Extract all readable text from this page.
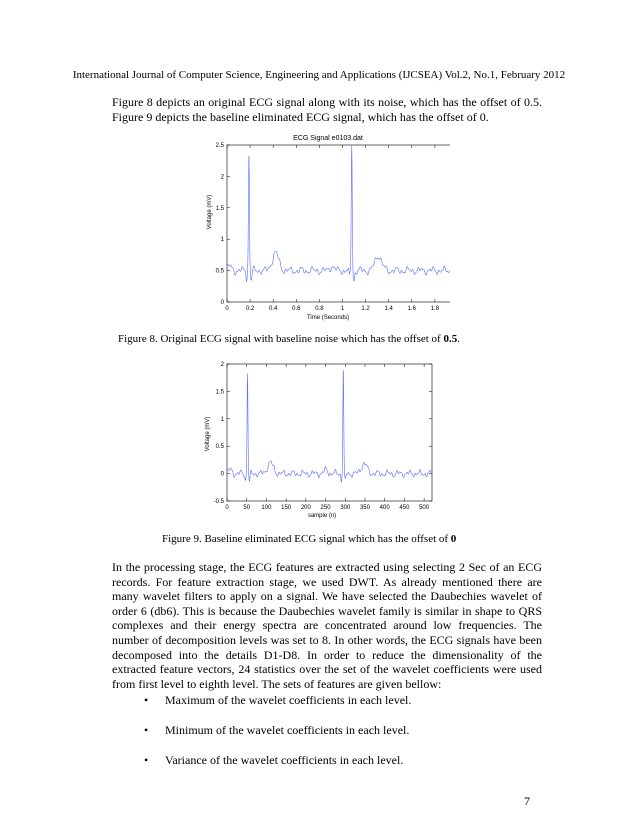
International Journal of Computer Science, Engineering and Applications (IJCSEA) Vol.2, No.1, February 2012
Figure 8 depicts an original ECG signal along with its noise, which has the offset of 0.5. Figure 9 depicts the baseline eliminated ECG signal, which has the offset of 0.
ECG Signal e0103.dat
Voltage (mV)
Time (Seconds)
0	0.2 0.4 0.6 0.8	1	1.2 1.4 1.6 1.8
0
0.5
1
1.5
2
2.5
Figure 8. Original ECG signal with baseline noise which has the offset of 0.5.
Voltage (mV)
sample (n)
0 50 100 150 200 250 300 350 400 450 500
-0.5
0
0.5
1
1.5
2
Figure 9. Baseline eliminated ECG signal which has the offset of 0
In the processing stage, the ECG features are extracted using selecting 2 Sec of an ECG records. For feature extraction stage, we used DWT. As already mentioned there are many wavelet filters to apply on a signal. We have selected the Daubechies wavelet of order 6 (db6). This is because the Daubechies wavelet family is similar in shape to QRS complexes and their energy spectra are concentrated around low frequencies. The number of decomposition levels was set to 8. In other words, the ECG signals have been decomposed into the details D1-D8. In order to reduce the dimensionality of the extracted feature vectors, 24 statistics over the set of the wavelet coefficients were used from first level to eighth level. The sets of features are given bellow:
• Maximum of the wavelet coefficients in each level.
• Minimum of the wavelet coefficients in each level.
• Variance of the wavelet coefficients in each level.
7
